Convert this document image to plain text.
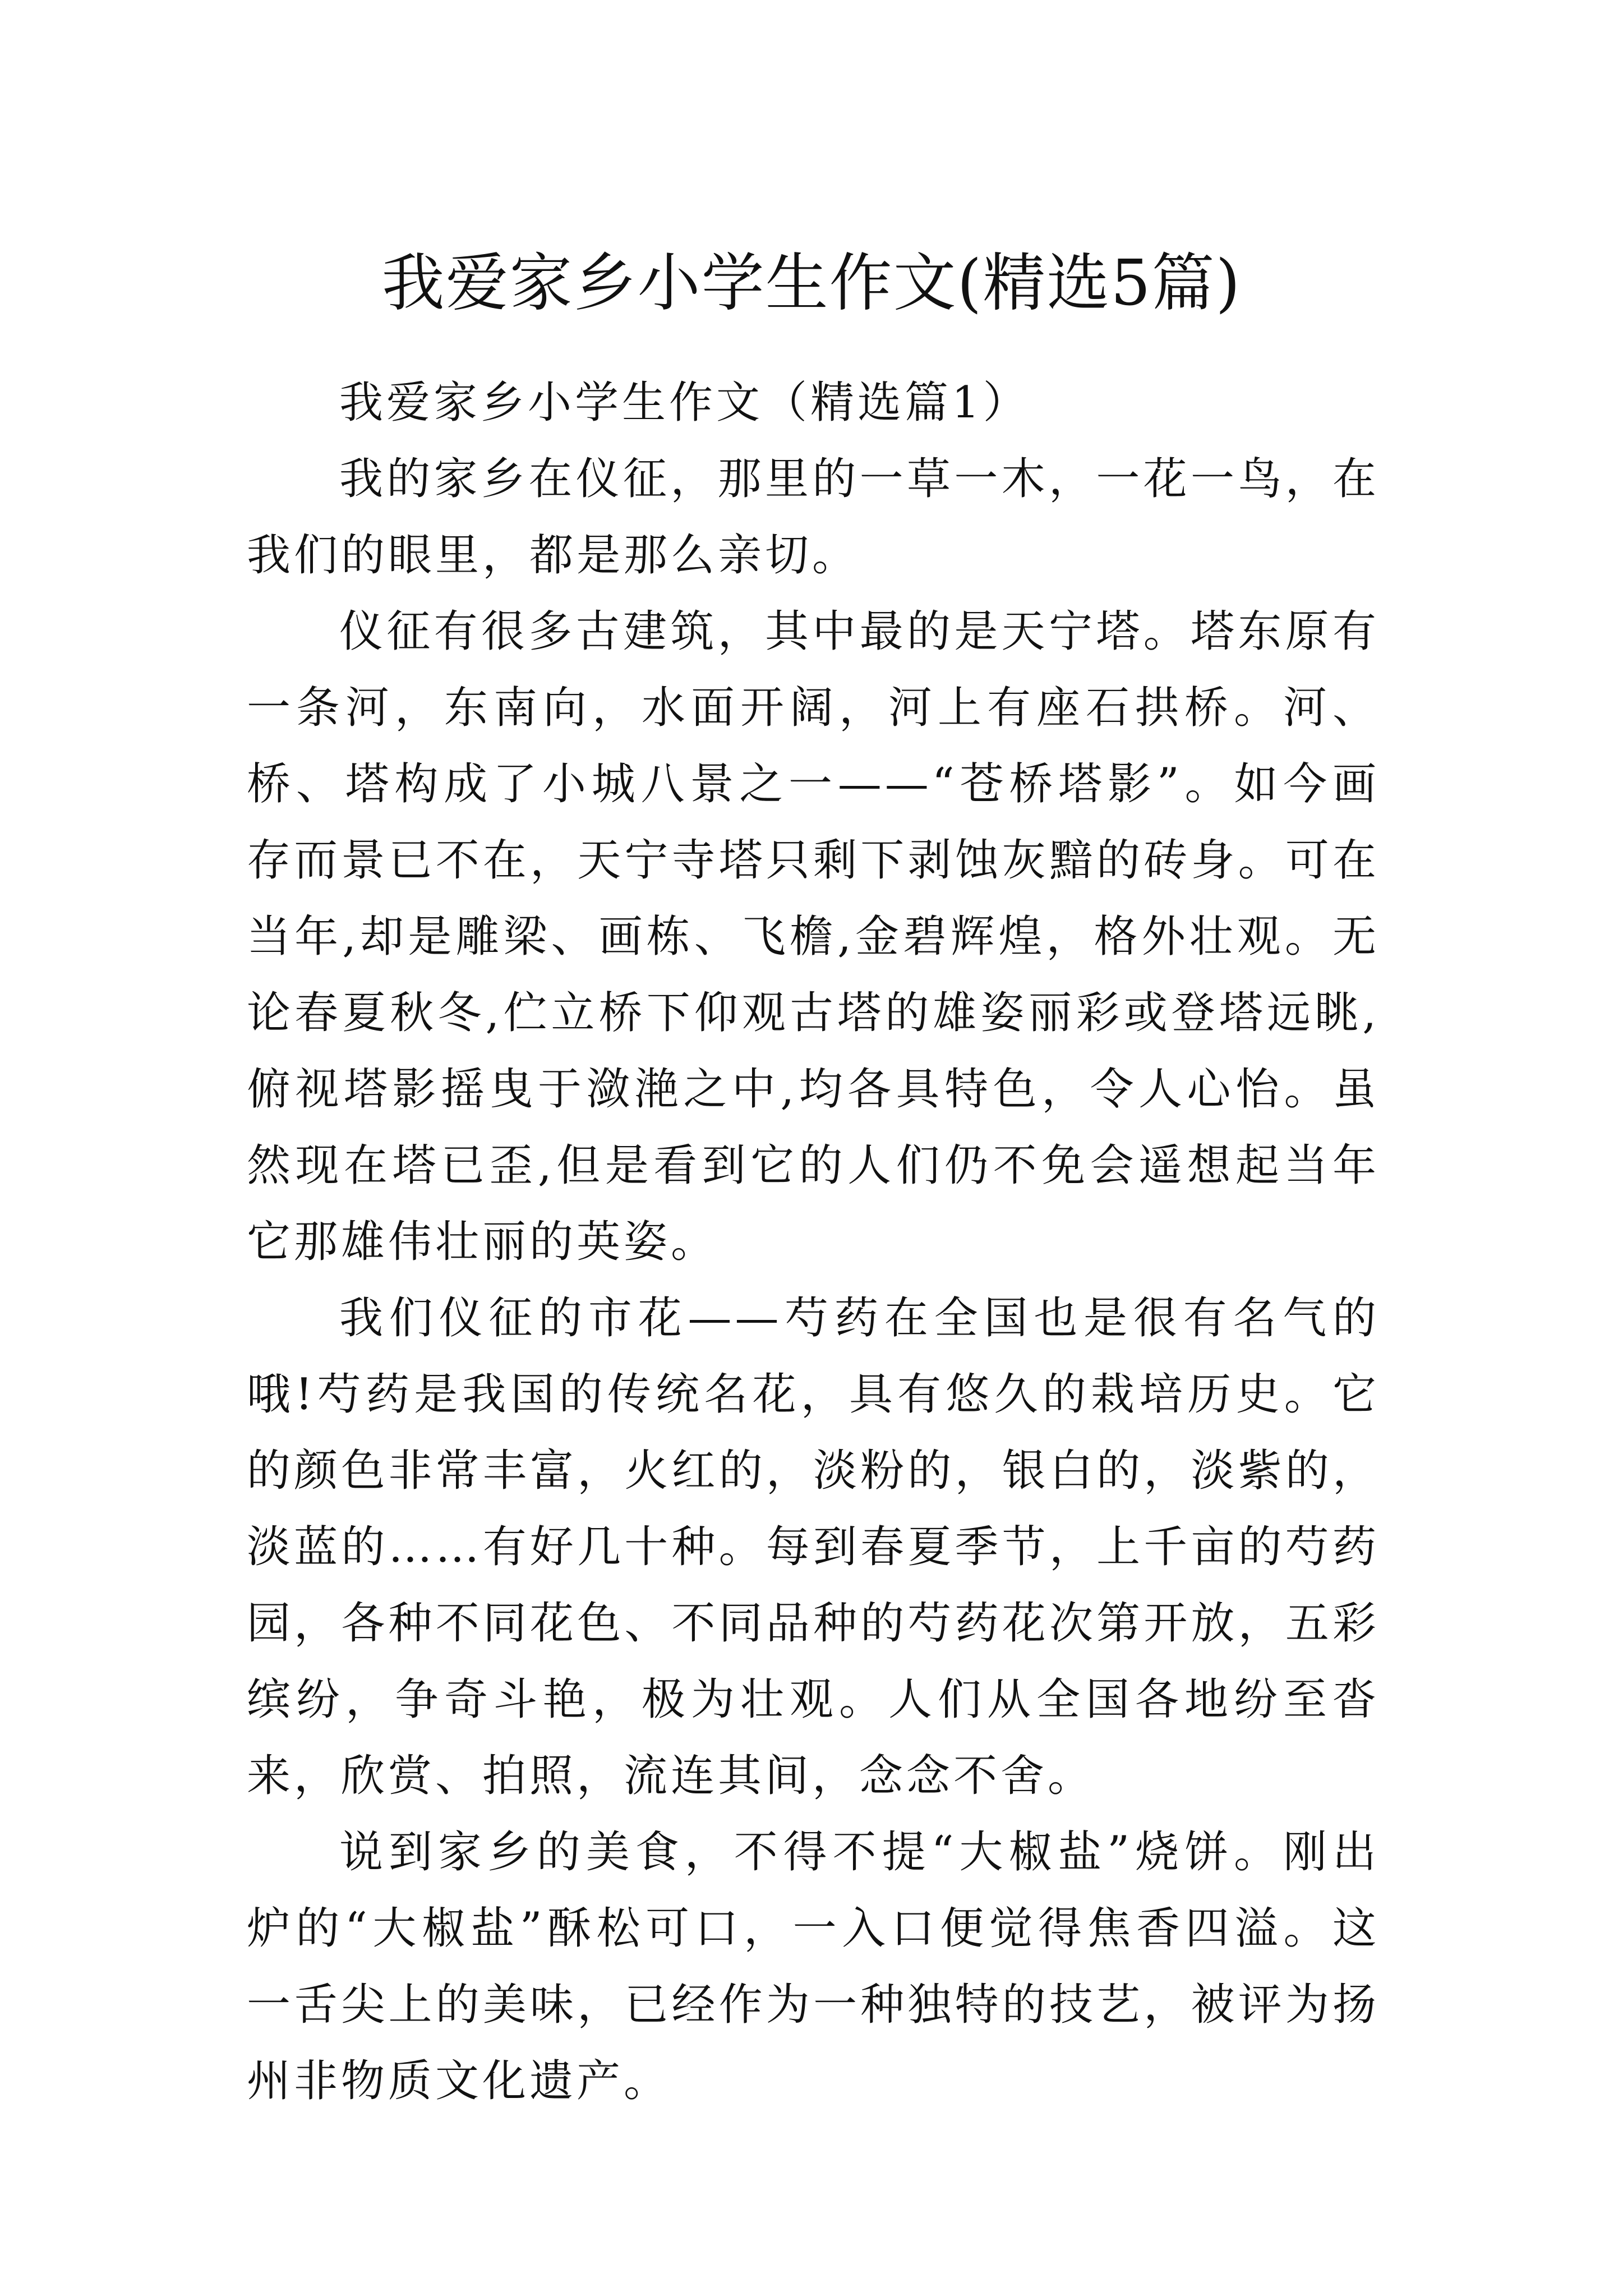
我爱家乡小学生作文(精选5篇)

我爱家乡小学生作文（精选篇1）

我的家乡在仪征，那里的一草一木，一花一鸟，在我们的眼里，都是那么亲切。

仪征有很多古建筑，其中最的是天宁塔。塔东原有一条河，东南向，水面开阔，河上有座石拱桥。河、桥、塔构成了小城八景之一——“苍桥塔影”。如今画存而景已不在，天宁寺塔只剩下剥蚀灰黯的砖身。可在当年,却是雕梁、画栋、飞檐,金碧辉煌，格外壮观。无论春夏秋冬,伫立桥下仰观古塔的雄姿丽彩或登塔远眺,俯视塔影摇曳于潋滟之中,均各具特色，令人心怡。虽然现在塔已歪,但是看到它的人们仍不免会遥想起当年它那雄伟壮丽的英姿。

我们仪征的市花——芍药在全国也是很有名气的哦!芍药是我国的传统名花，具有悠久的栽培历史。它的颜色非常丰富，火红的，淡粉的，银白的，淡紫的，淡蓝的……有好几十种。每到春夏季节，上千亩的芍药园，各种不同花色、不同品种的芍药花次第开放，五彩缤纷，争奇斗艳，极为壮观。人们从全国各地纷至沓来，欣赏、拍照，流连其间，念念不舍。

说到家乡的美食，不得不提“大椒盐”烧饼。刚出炉的“大椒盐”酥松可口，一入口便觉得焦香四溢。这一舌尖上的美味，已经作为一种独特的技艺，被评为扬州非物质文化遗产。
